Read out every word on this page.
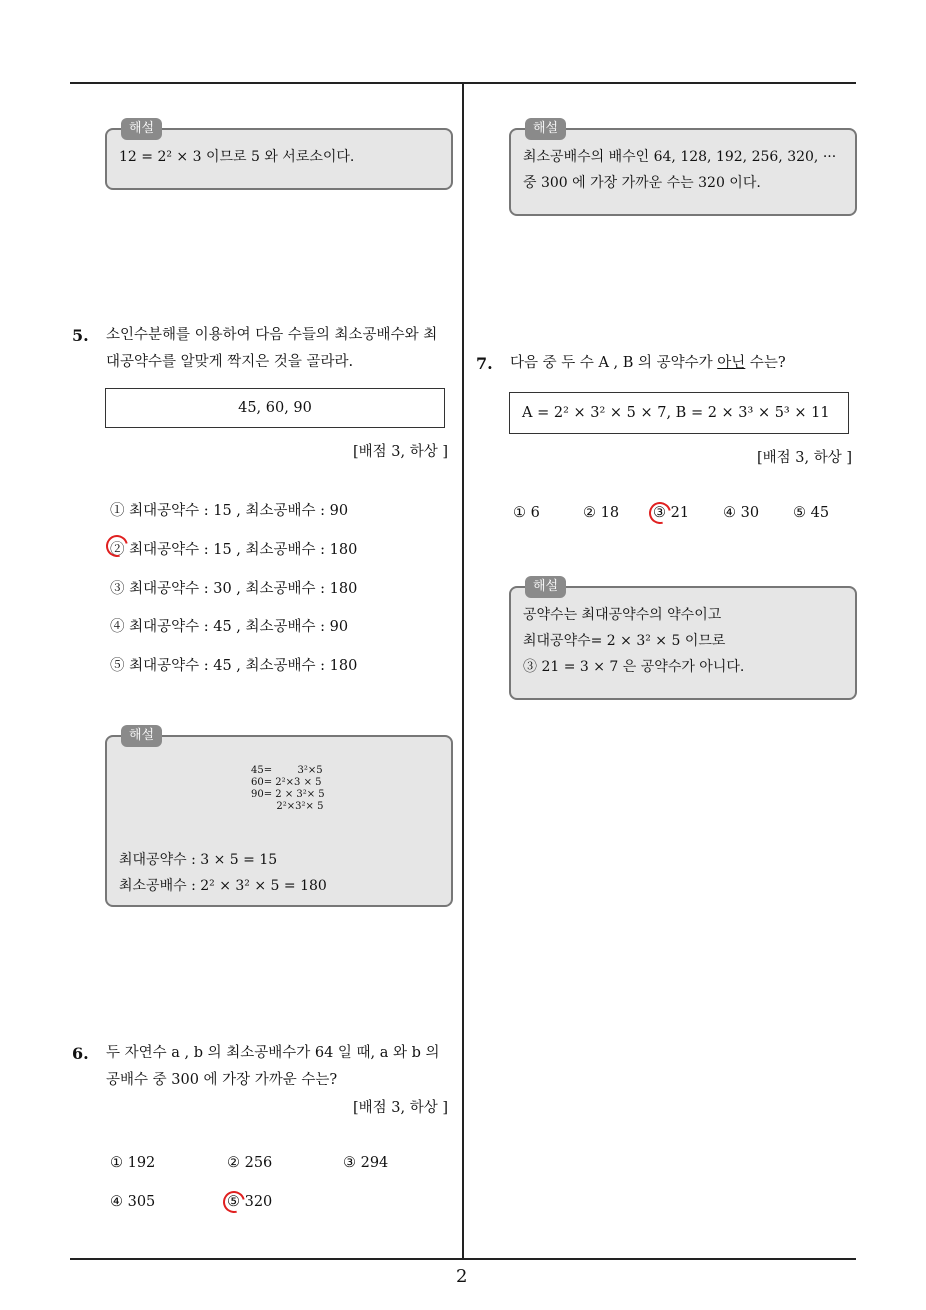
해설
12 = 2² × 3 이므로 5 와 서로소이다.
5. 소인수분해를 이용하여 다음 수들의 최소공배수와 최
대공약수를 알맞게 짝지은 것을 골라라.
45, 60, 90
[배점 3, 하상 ]
① 최대공약수 : 15 , 최소공배수 : 90
② 최대공약수 : 15 , 최소공배수 : 180
③ 최대공약수 : 30 , 최소공배수 : 180
④ 최대공약수 : 45 , 최소공배수 : 90
⑤ 최대공약수 : 45 , 최소공배수 : 180
해설
45=        3²×5
60= 2²×3 × 5
90= 2 × 3²× 5
2²×3²× 5
최대공약수 : 3 × 5 = 15
최소공배수 : 2² × 3² × 5 = 180
6. 두 자연수 a , b 의 최소공배수가 64 일 때, a 와 b 의
공배수 중 300 에 가장 가까운 수는?
[배점 3, 하상 ]
① 192	② 256	③ 294
④ 305	⑤ 320
해설
최소공배수의 배수인 64, 128, 192, 256, 320, ···
중 300 에 가장 가까운 수는 320 이다.
7. 다음 중 두 수 A , B 의 공약수가 아닌 수는?
A = 2² × 3² × 5 × 7, B = 2 × 3³ × 5³ × 11
[배점 3, 하상 ]
① 6	② 18 ③ 21 ④ 30 ⑤ 45
해설
공약수는 최대공약수의 약수이고
최대공약수= 2 × 3² × 5 이므로
③ 21 = 3 × 7 은 공약수가 아니다.
2
